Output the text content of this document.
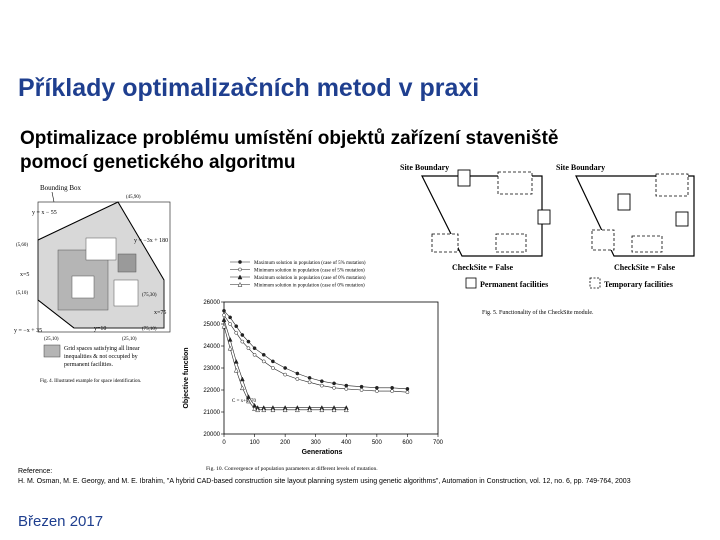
Příklady optimalizačních metod v praxi
Optimalizace problému umístění objektů zařízení staveniště
pomocí genetického algoritmu
Bounding Box
y = x − 55
(45,90)
y = −3x + 180
(5,60)
x=5
(5,10)	(75,30)
x=75
(75,10)
y = −x + 35	y=10
(25,10)	(25,10)
Grid spaces satisfying all linear
inequalities & not occupied by
permanent facilities.
Fig. 4. Illustrated example for space identification.
Site Boundary	Site Boundary
CheckSite = False	CheckSite = False
Permanent facilities	Temporary facilities
Fig. 5. Functionality of the CheckSite module.
Maximum solution in population (case of 5% mutation)
Minimum solution in population (case of 5% mutation)
Maximum solution in population (case of 0% mutation)
Minimum solution in population (case of 0% mutation)
0	100	200	300	400	500	600	700
20000
21000
22000
23000
24000
25000
26000
Objective function
Generations
C = x+6, 70
Fig. 10. Convergence of population parameters at different levels of mutation.
Reference:
H. M. Osman, M. E. Georgy, and M. E. Ibrahim, "A hybrid CAD-based construction site layout planning system using genetic algorithms", Automation in Construction, vol. 12, no. 6, pp. 749-764, 2003
Březen 2017
